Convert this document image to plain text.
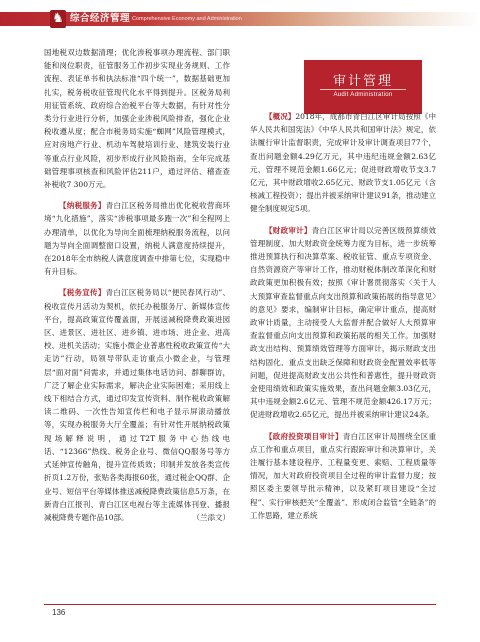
♞ 综合经济管理 Comprehensive Economy and Administration

国地税双边数据清理；优化涉税事项办理流程、部门职能和岗位职责，征管服务工作初步实现业务规则、工作流程、表证单书和执法标准“四个统一”，数据基础更加扎实，税务税收征管现代化水平得到提升。区税务局利用征管系统、政府综合治税平台等大数据，有针对性分类分行业进行分析，加强企业涉税风险排查，强化企业税收遵从度；配合市税务局实施“蜘网”风险管理模式，应对房地产行业、机动车驾驶培训行业、建筑安装行业等重点行业风险，初步形成行业风险指南，全年完成基础管理事项核查和风险评估211户，通过评估、稽查查补税收7 300万元。

【纳税服务】青白江区税务局推出优化税收营商环境“九化措施”，落实“涉税事项最多跑一次”和全程网上办理清单，以优化为导向全面梳理纳税服务流程，以问题为导向全面调整窗口设置，纳税人满意度持续提升，在2018年全市纳税人满意度调查中排第七位，实现稳中有升目标。

【税务宣传】青白江区税务局以“便民春风行动”、税收宣传月活动为契机，依托办税服务厅、新媒体宣传平台，提高政策宣传覆盖面，开展送减税降费政策进园区、进景区、进社区、进乡镇、进市场、进企业、进高校、进机关活动；实施小微企业普惠性税收政策宣传“大走访”行动，局领导带队走访重点小微企业，与管理层“面对面”问需求，并通过集体电话访问、群聊群访，广泛了解企业实际需求，解决企业实际困难；采用线上线下相结合方式，通过印发宣传资料、制作税收政策解读二维码、一次性告知宣传栏和电子显示屏滚动播放等，实现办税服务大厅全覆盖；有针对性开展纳税政策现场解释说明，通过T2T服务中心热线电话、“12366”热线、税务企业号、微信QQ服务号等方式延伸宣传触角，提升宣传质效；印制并发放各类宣传折页1.2万份，张贴各类海报60张，通过税企QQ群、企业号、短信平台等媒体推送减税降费政策信息5万条，在新青白江报刊、青白江区电视台等主流媒体刊登、播报减税降费专题作品10部。	（兰添文）

审计管理
Audit Administration

【概况】2018年，成都市青白江区审计局按照《中华人民共和国宪法》《中华人民共和国审计法》规定，依法履行审计监督职责，完成审计及审计调查项目77个，查出问题金额4.29亿万元，其中违纪违规金额2.63亿元、管理不规范金额1.66亿元；促进财政增收节支3.7亿元，其中财政增收2.65亿元、财政节支1.05亿元（含核减工程投资）；提出并被采纳审计建议91条，推动建立健全制度规定5项。

【财政审计】青白江区审计局以完善区级预算绩效管理制度、加大财政资金统筹力度为目标，进一步统筹推进预算执行和决算草案、税收征管、重点专项资金、自然资源资产等审计工作，推动财税体制改革深化和财政政策更加积极有效；按照《审计署贯彻落实〈关于人大预算审查监督重点向支出预算和政策拓展的指导意见〉的意见》要求，编制审计目标，确定审计重点，提高财政审计质量，主动接受人大监督并配合做好人大预算审查监督重点向支出预算和政策拓展的相关工作。加强财政支出结构、预算绩效管理等方面审计，揭示财政支出结构固化、重点支出缺乏保障和财政资金配置效率低等问题，促进提高财政支出公共性和普惠性，提升财政资金使用绩效和政策实施效果，查出问题金额3.03亿元，其中违规金额2.6亿元、管理不规范金额426.17万元；促进财政增收2.65亿元，提出并被采纳审计建议24条。

【政府投资项目审计】青白江区审计局围绕全区重点工作和重点项目，重点实行跟踪审计和决算审计，关注履行基本建设程序、工程量变更、索赔、工程质量等情况，加大对政府投资项目全过程的审计监督力度；按照区委主要领导批示精神，以及紧盯项目建设“全过程”、实行审核把关“全覆盖”、形成闭合监管“全链条”的工作思路，建立系统

136
